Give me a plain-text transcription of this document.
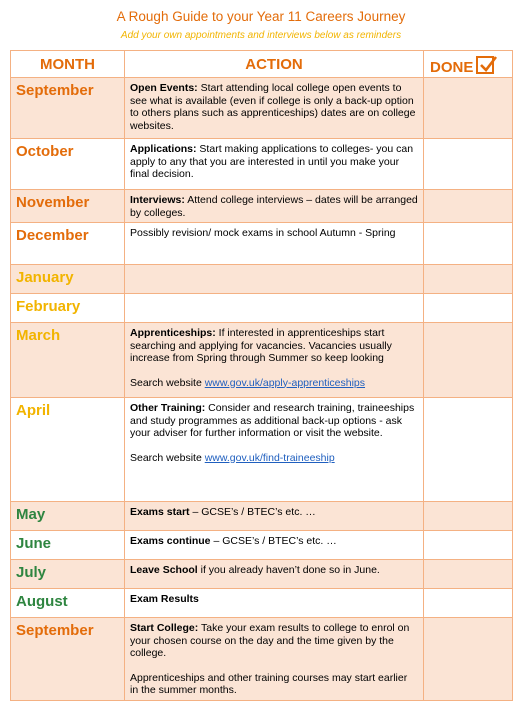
A Rough Guide to your Year 11 Careers Journey
Add your own appointments and interviews below as reminders
MONTH	ACTION	DONE

September	Open Events: Start attending local college open events to see what is available (even if college is only a back-up option to others plans such as apprenticeships) dates are on college websites.	

October	Applications: Start making applications to colleges- you can apply to any that you are interested in until you make your final decision.	

November	Interviews: Attend college interviews – dates will be arranged by colleges.	

December	Possibly revision/ mock exams in school Autumn - Spring	

January		
February		
March	Apprenticeships: If interested in apprenticeships start searching and applying for vacancies. Vacancies usually increase from Spring through Summer so keep looking

Search website www.gov.uk/apply-apprenticeships	

April	Other Training: Consider and research training, traineeships and study programmes as additional back-up options - ask your adviser for further information or visit the website.

Search website www.gov.uk/find-traineeship	

May	Exams start – GCSE’s / BTEC’s etc. …	

June	Exams continue – GCSE’s / BTEC’s etc. …	

July	Leave School if you already haven’t done so in June.	

August	Exam Results	

September	Start College: Take your exam results to college to enrol on your chosen course on the day and the time given by the college.

Apprenticeships and other training courses may start earlier in the summer months.	
